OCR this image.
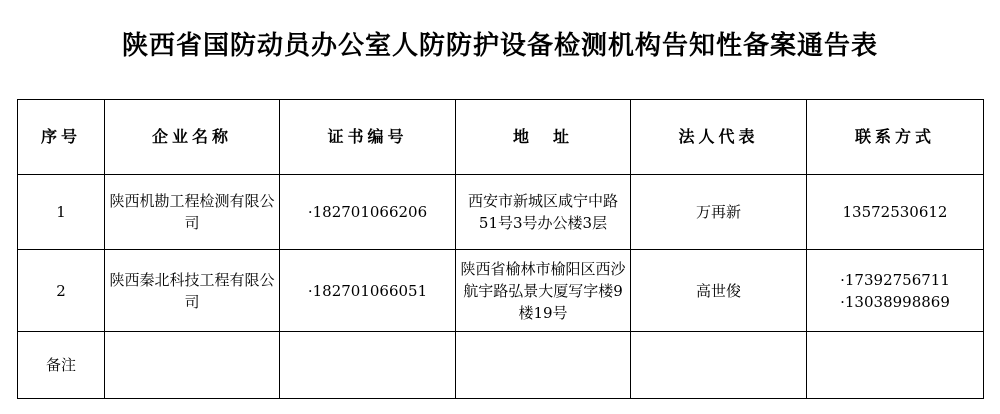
陕西省国防动员办公室人防防护设备检测机构告知性备案通告表
序号	企业名称	证书编号	地　址	法人代表	联系方式
1	陕西机勘工程检测有限公司	·182701066206	西安市新城区咸宁中路51号3号办公楼3层	万再新	13572530612
2	陕西秦北科技工程有限公司	·182701066051	陕西省榆林市榆阳区西沙航宇路弘景大厦写字楼9楼19号	高世俊	·17392756711 ·13038998869
备注					
